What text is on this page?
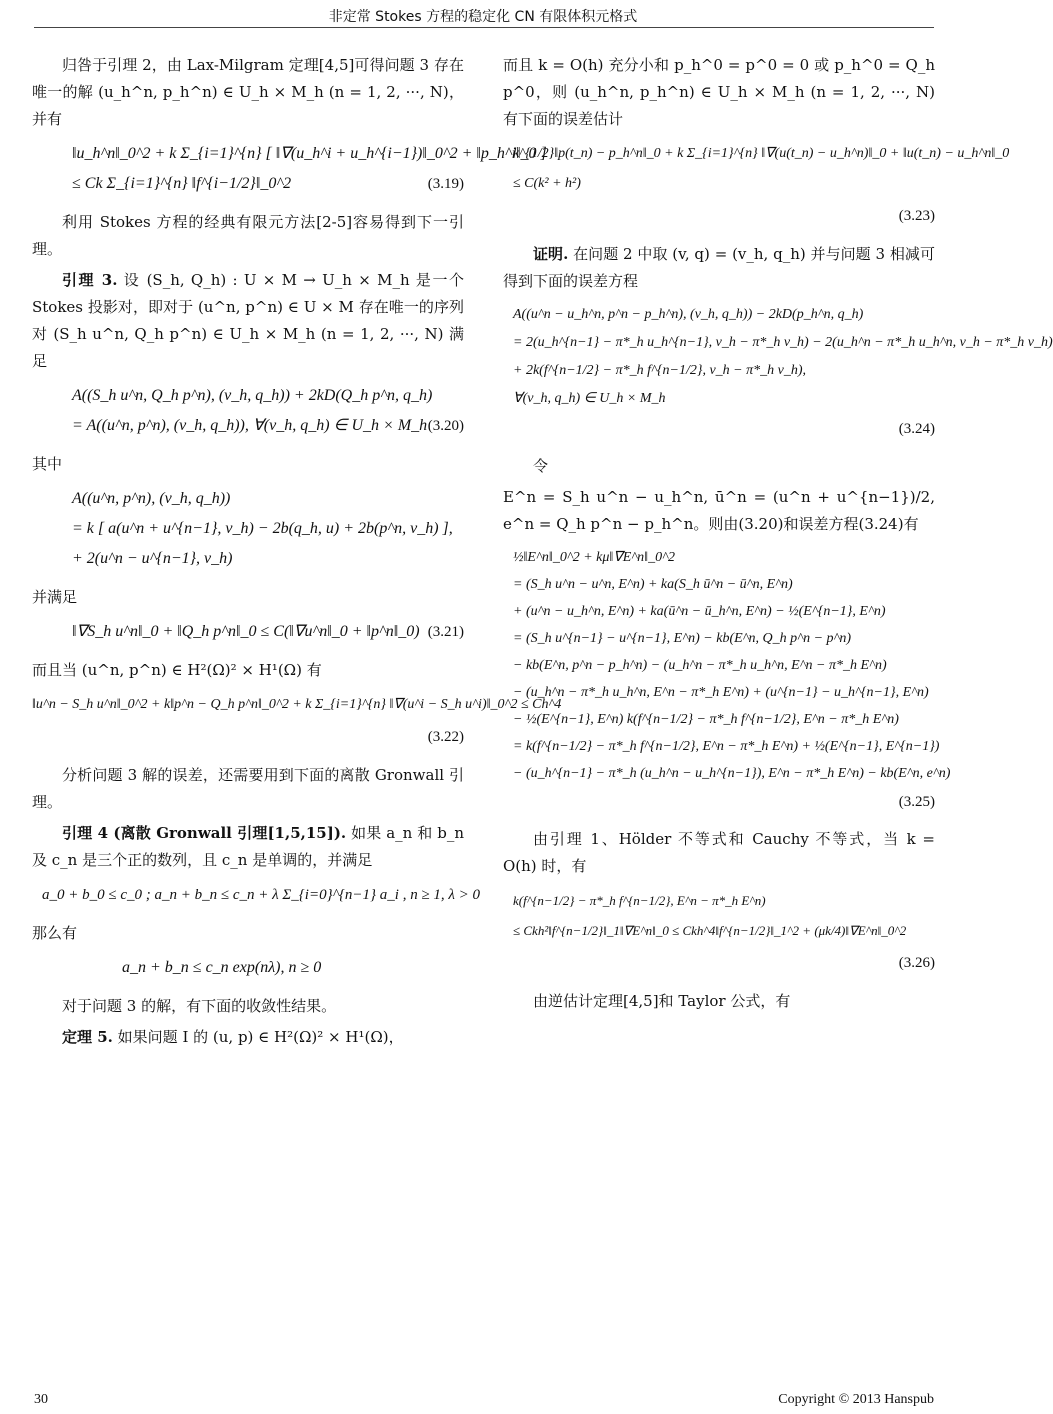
非定常 Stokes 方程的稳定化 CN 有限体积元格式

归咎于引理 2，由 Lax-Milgram 定理[4,5]可得问题 3 存在唯一的解 (u_h^n, p_h^n) ∈ U_h × M_h (n = 1, 2, ···, N)，并有

‖u_h^n‖_0^2 + k Σ_{i=1}^{n} [ ‖∇(u_h^i + u_h^{i−1})‖_0^2 + ‖p_h^i‖_0 ]
≤ Ck Σ_{i=1}^{n} ‖f^{i−1/2}‖_0^2	(3.19)

利用 Stokes 方程的经典有限元方法[2-5]容易得到下一引理。

引理 3. 设 (S_h, Q_h) : U × M → U_h × M_h 是一个 Stokes 投影对，即对于 (u^n, p^n) ∈ U × M 存在唯一的序列对 (S_h u^n, Q_h p^n) ∈ U_h × M_h (n = 1, 2, ···, N) 满足

A((S_h u^n, Q_h p^n), (v_h, q_h)) + 2kD(Q_h p^n, q_h)
= A((u^n, p^n), (v_h, q_h)), ∀(v_h, q_h) ∈ U_h × M_h (3.20)

其中

A((u^n, p^n), (v_h, q_h))
= k [ a(u^n + u^{n−1}, v_h) − 2b(q_h, u) + 2b(p^n, v_h) ],
+ 2(u^n − u^{n−1}, v_h)

并满足

‖∇S_h u^n‖_0 + ‖Q_h p^n‖_0 ≤ C(‖∇u^n‖_0 + ‖p^n‖_0) (3.21)

而且当 (u^n, p^n) ∈ H²(Ω)² × H¹(Ω) 有

‖u^n − S_h u^n‖_0^2 + k‖p^n − Q_h p^n‖_0^2 + k Σ_{i=1}^{n} ‖∇(u^i − S_h u^i)‖_0^2 ≤ Ch^4
(3.22)

分析问题 3 解的误差，还需要用到下面的离散 Gronwall 引理。

引理 4 (离散 Gronwall 引理[1,5,15]). 如果 a_n 和 b_n 及 c_n 是三个正的数列，且 c_n 是单调的，并满足

a_0 + b_0 ≤ c_0 ; a_n + b_n ≤ c_n + λ Σ_{i=0}^{n−1} a_i , n ≥ 1, λ > 0

那么有

a_n + b_n ≤ c_n exp(nλ), n ≥ 0

对于问题 3 的解，有下面的收敛性结果。

定理 5. 如果问题 I 的 (u, p) ∈ H²(Ω)² × H¹(Ω)，

而且 k = O(h) 充分小和 p_h^0 = p^0 = 0 或 p_h^0 = Q_h p^0，则 (u_h^n, p_h^n) ∈ U_h × M_h (n = 1, 2, ···, N) 有下面的误差估计

k^{1/2}‖p(t_n) − p_h^n‖_0 + k Σ_{i=1}^{n} ‖∇(u(t_n) − u_h^n)‖_0 + ‖u(t_n) − u_h^n‖_0
≤ C(k² + h²)
(3.23)

证明. 在问题 2 中取 (v, q) = (v_h, q_h) 并与问题 3 相减可得到下面的误差方程

A((u^n − u_h^n, p^n − p_h^n), (v_h, q_h)) − 2kD(p_h^n, q_h)
= 2(u_h^{n−1} − π*_h u_h^{n−1}, v_h − π*_h v_h) − 2(u_h^n − π*_h u_h^n, v_h − π*_h v_h)
+ 2k(f^{n−1/2} − π*_h f^{n−1/2}, v_h − π*_h v_h),
∀(v_h, q_h) ∈ U_h × M_h
(3.24)

令

E^n = S_h u^n − u_h^n, ū^n = (u^n + u^{n−1})/2, e^n = Q_h p^n − p_h^n。则由(3.20)和误差方程(3.24)有

½‖E^n‖_0^2 + kμ‖∇E^n‖_0^2
= (S_h u^n − u^n, E^n) + ka(S_h ū^n − ū^n, E^n)
+ (u^n − u_h^n, E^n) + ka(ū^n − ū_h^n, E^n) − ½(E^{n−1}, E^n)
= (S_h u^{n−1} − u^{n−1}, E^n) − kb(E^n, Q_h p^n − p^n)
− kb(E^n, p^n − p_h^n) − (u_h^n − π*_h u_h^n, E^n − π*_h E^n)
− (u_h^n − π*_h u_h^n, E^n − π*_h E^n) + (u^{n−1} − u_h^{n−1}, E^n)
− ½(E^{n−1}, E^n) k(f^{n−1/2} − π*_h f^{n−1/2}, E^n − π*_h E^n)
= k(f^{n−1/2} − π*_h f^{n−1/2}, E^n − π*_h E^n) + ½(E^{n−1}, E^{n−1})
− (u_h^{n−1} − π*_h (u_h^n − u_h^{n−1}), E^n − π*_h E^n) − kb(E^n, e^n)
(3.25)

由引理 1、Hölder 不等式和 Cauchy 不等式，当 k = O(h) 时，有

k(f^{n−1/2} − π*_h f^{n−1/2}, E^n − π*_h E^n)
≤ Ckh²‖f^{n−1/2}‖_1‖∇E^n‖_0 ≤ Ckh^4‖f^{n−1/2}‖_1^2 + (μk/4)‖∇E^n‖_0^2
(3.26)

由逆估计定理[4,5]和 Taylor 公式，有

30	Copyright © 2013 Hanspub
